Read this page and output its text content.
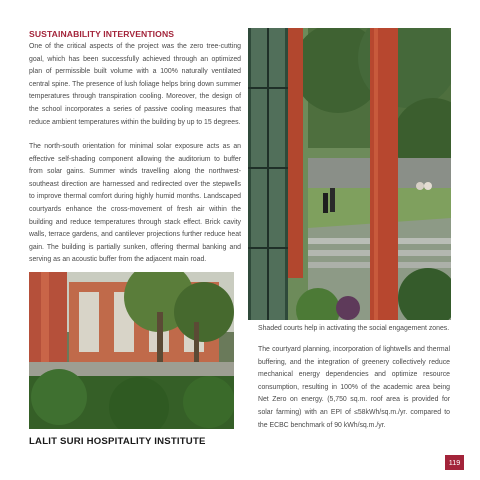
SUSTAINABILITY INTERVENTIONS

One of the critical aspects of the project was the zero tree-cutting goal, which has been successfully achieved through an optimized plan of permissible built volume with a 100% naturally ventilated central spine. The presence of lush foliage helps bring down summer temperatures through transpiration cooling. Moreover, the design of the school incorporates a series of passive cooling measures that reduce ambient temperatures within the building by up to 15 degrees.

The north-south orientation for minimal solar exposure acts as an effective self-shading component allowing the auditorium to buffer from solar gains. Summer winds travelling along the northwest-southeast direction are harnessed and redirected over the stepwells to improve thermal comfort during highly humid months. Landscaped courtyards enhance the cross-movement of fresh air within the building and reduce temperatures through stack effect. Brick cavity walls, terrace gardens, and cantilever projections further reduce heat gain. The building is partially sunken, offering thermal banking and serving as an acoustic buffer from the adjacent main road.

Shaded courts help in activating the social engagement zones.

The courtyard planning, incorporation of lightwells and thermal buffering, and the integration of greenery collectively reduce mechanical energy dependencies and optimize resource consumption, resulting in 100% of the academic area being Net Zero on energy. (5,750 sq.m. roof area is provided for solar farming) with an EPI of ≤58kWh/sq.m./yr. compared to the ECBC benchmark of 90 kWh/sq.m./yr.

LALIT SURI HOSPITALITY INSTITUTE
119
